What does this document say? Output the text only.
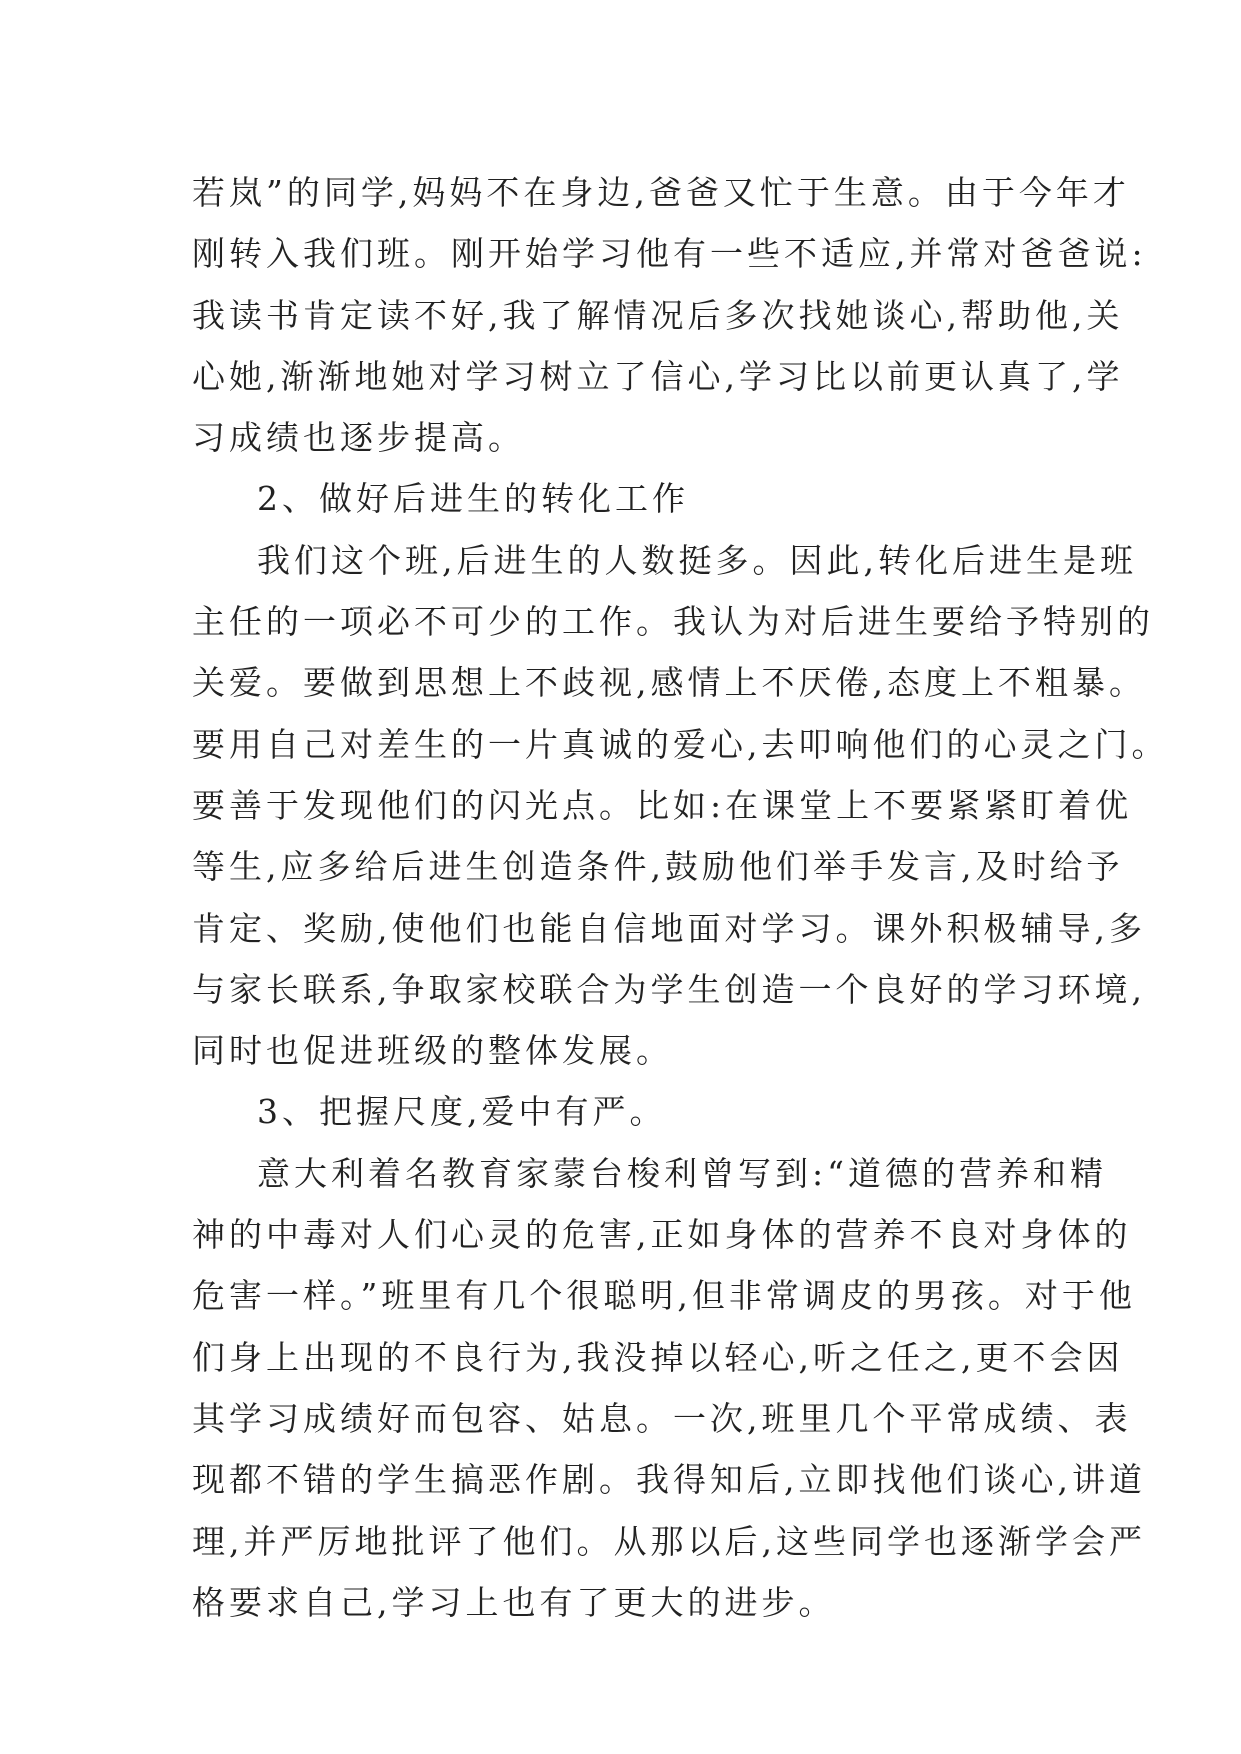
若岚”的同学,妈妈不在身边,爸爸又忙于生意。由于今年才
刚转入我们班。刚开始学习他有一些不适应,并常对爸爸说:
我读书肯定读不好,我了解情况后多次找她谈心,帮助他,关
心她,渐渐地她对学习树立了信心,学习比以前更认真了,学
习成绩也逐步提高。
2、做好后进生的转化工作
我们这个班,后进生的人数挺多。因此,转化后进生是班
主任的一项必不可少的工作。我认为对后进生要给予特别的
关爱。要做到思想上不歧视,感情上不厌倦,态度上不粗暴。
要用自己对差生的一片真诚的爱心,去叩响他们的心灵之门。
要善于发现他们的闪光点。比如:在课堂上不要紧紧盯着优
等生,应多给后进生创造条件,鼓励他们举手发言,及时给予
肯定、奖励,使他们也能自信地面对学习。课外积极辅导,多
与家长联系,争取家校联合为学生创造一个良好的学习环境,
同时也促进班级的整体发展。
3、把握尺度,爱中有严。
意大利着名教育家蒙台梭利曾写到:“道德的营养和精
神的中毒对人们心灵的危害,正如身体的营养不良对身体的
危害一样。”班里有几个很聪明,但非常调皮的男孩。对于他
们身上出现的不良行为,我没掉以轻心,听之任之,更不会因
其学习成绩好而包容、姑息。一次,班里几个平常成绩、表
现都不错的学生搞恶作剧。我得知后,立即找他们谈心,讲道
理,并严厉地批评了他们。从那以后,这些同学也逐渐学会严
格要求自己,学习上也有了更大的进步。
